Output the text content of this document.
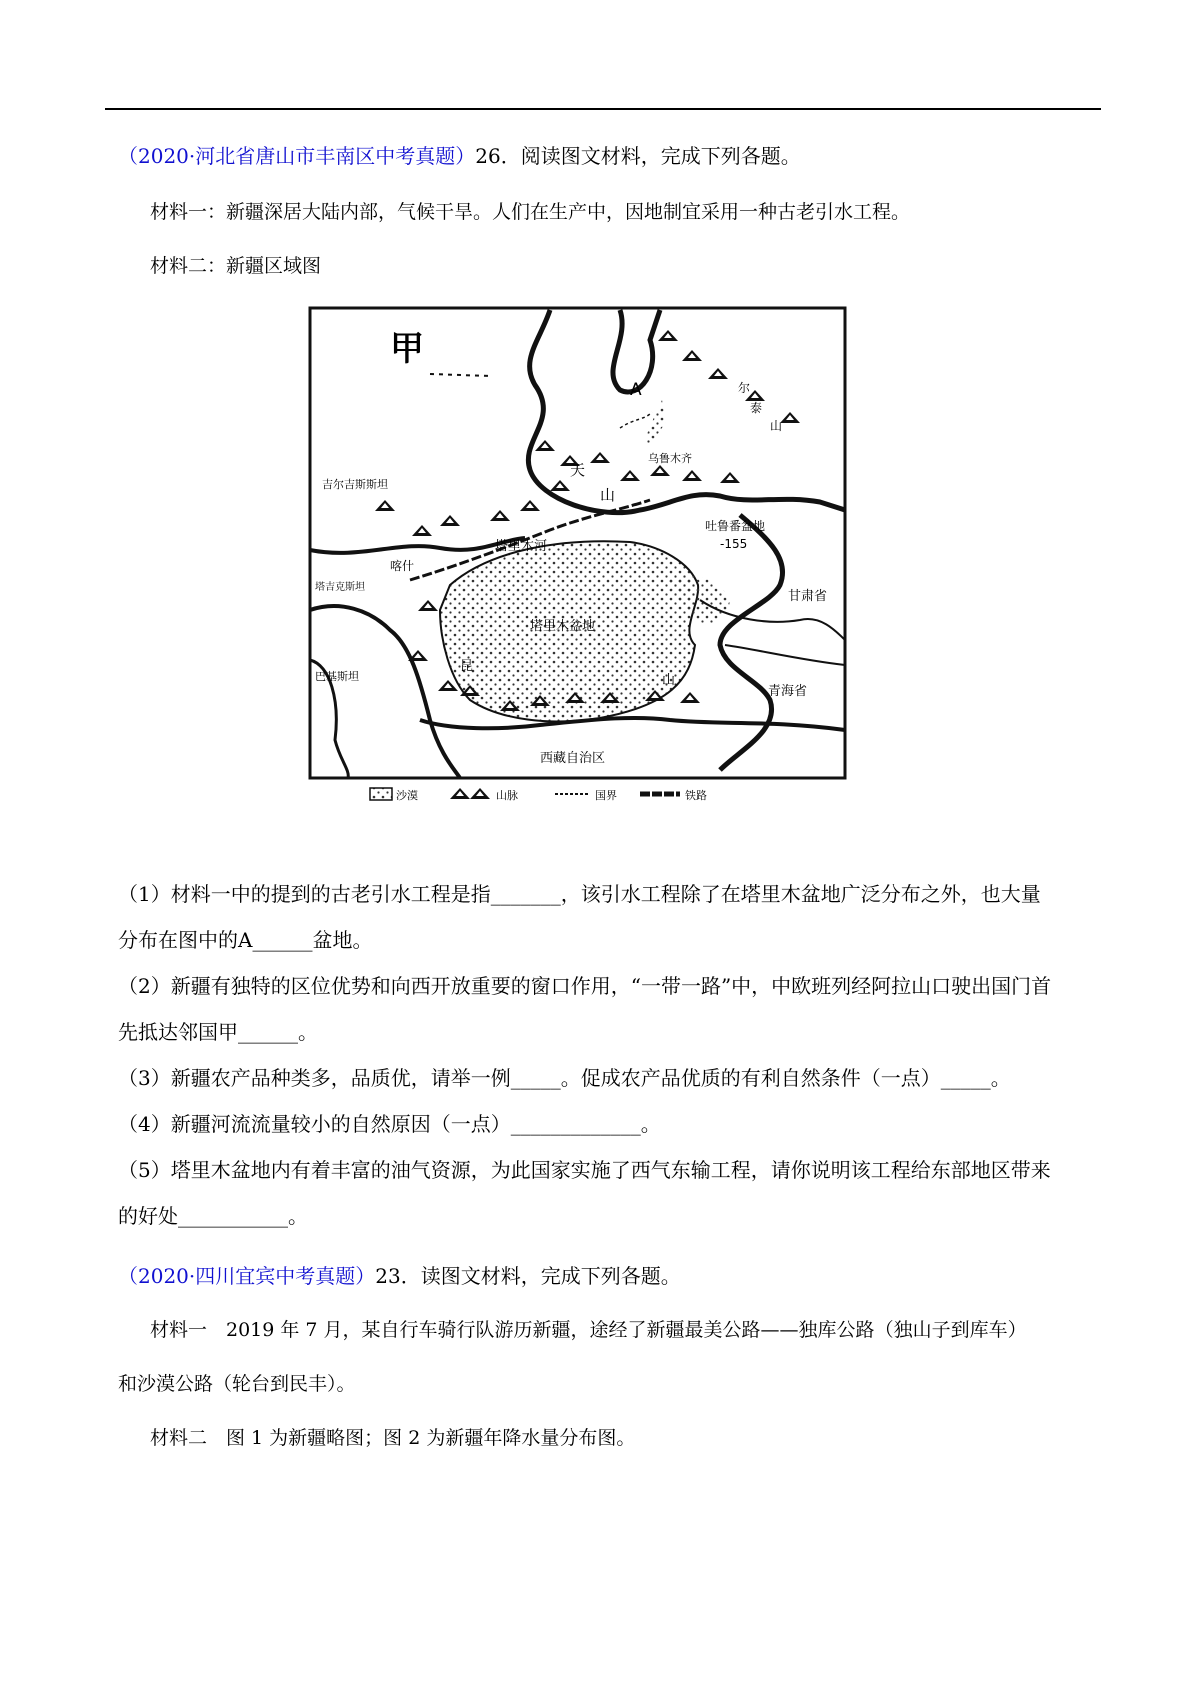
（2020·河北省唐山市丰南区中考真题）26．阅读图文材料，完成下列各题。
材料一：新疆深居大陆内部，气候干旱。人们在生产中，因地制宜采用一种古老引水工程。
材料二：新疆区域图
甲
A
乌鲁木齐
吐鲁番盆地
-155
天
山
吉尔吉斯斯坦
塔吉克斯坦
喀什
塔里木河
塔里木盆地
甘肃省
青海省
巴基斯坦
西藏自治区
昆
山
尔
泰
山
沙漠	山脉	国界	铁路
（1）材料一中的提到的古老引水工程是指_______，该引水工程除了在塔里木盆地广泛分布之外，也大量
分布在图中的A______盆地。
（2）新疆有独特的区位优势和向西开放重要的窗口作用，“一带一路”中，中欧班列经阿拉山口驶出国门首
先抵达邻国甲______。
（3）新疆农产品种类多，品质优，请举一例_____。促成农产品优质的有利自然条件（一点）_____。
（4）新疆河流流量较小的自然原因（一点）_____________。
（5）塔里木盆地内有着丰富的油气资源，为此国家实施了西气东输工程，请你说明该工程给东部地区带来
的好处___________。
（2020·四川宜宾中考真题）23．读图文材料，完成下列各题。
材料一　2019 年 7 月，某自行车骑行队游历新疆，途经了新疆最美公路——独库公路（独山子到库车）
和沙漠公路（轮台到民丰）。
材料二　图 1 为新疆略图；图 2 为新疆年降水量分布图。
